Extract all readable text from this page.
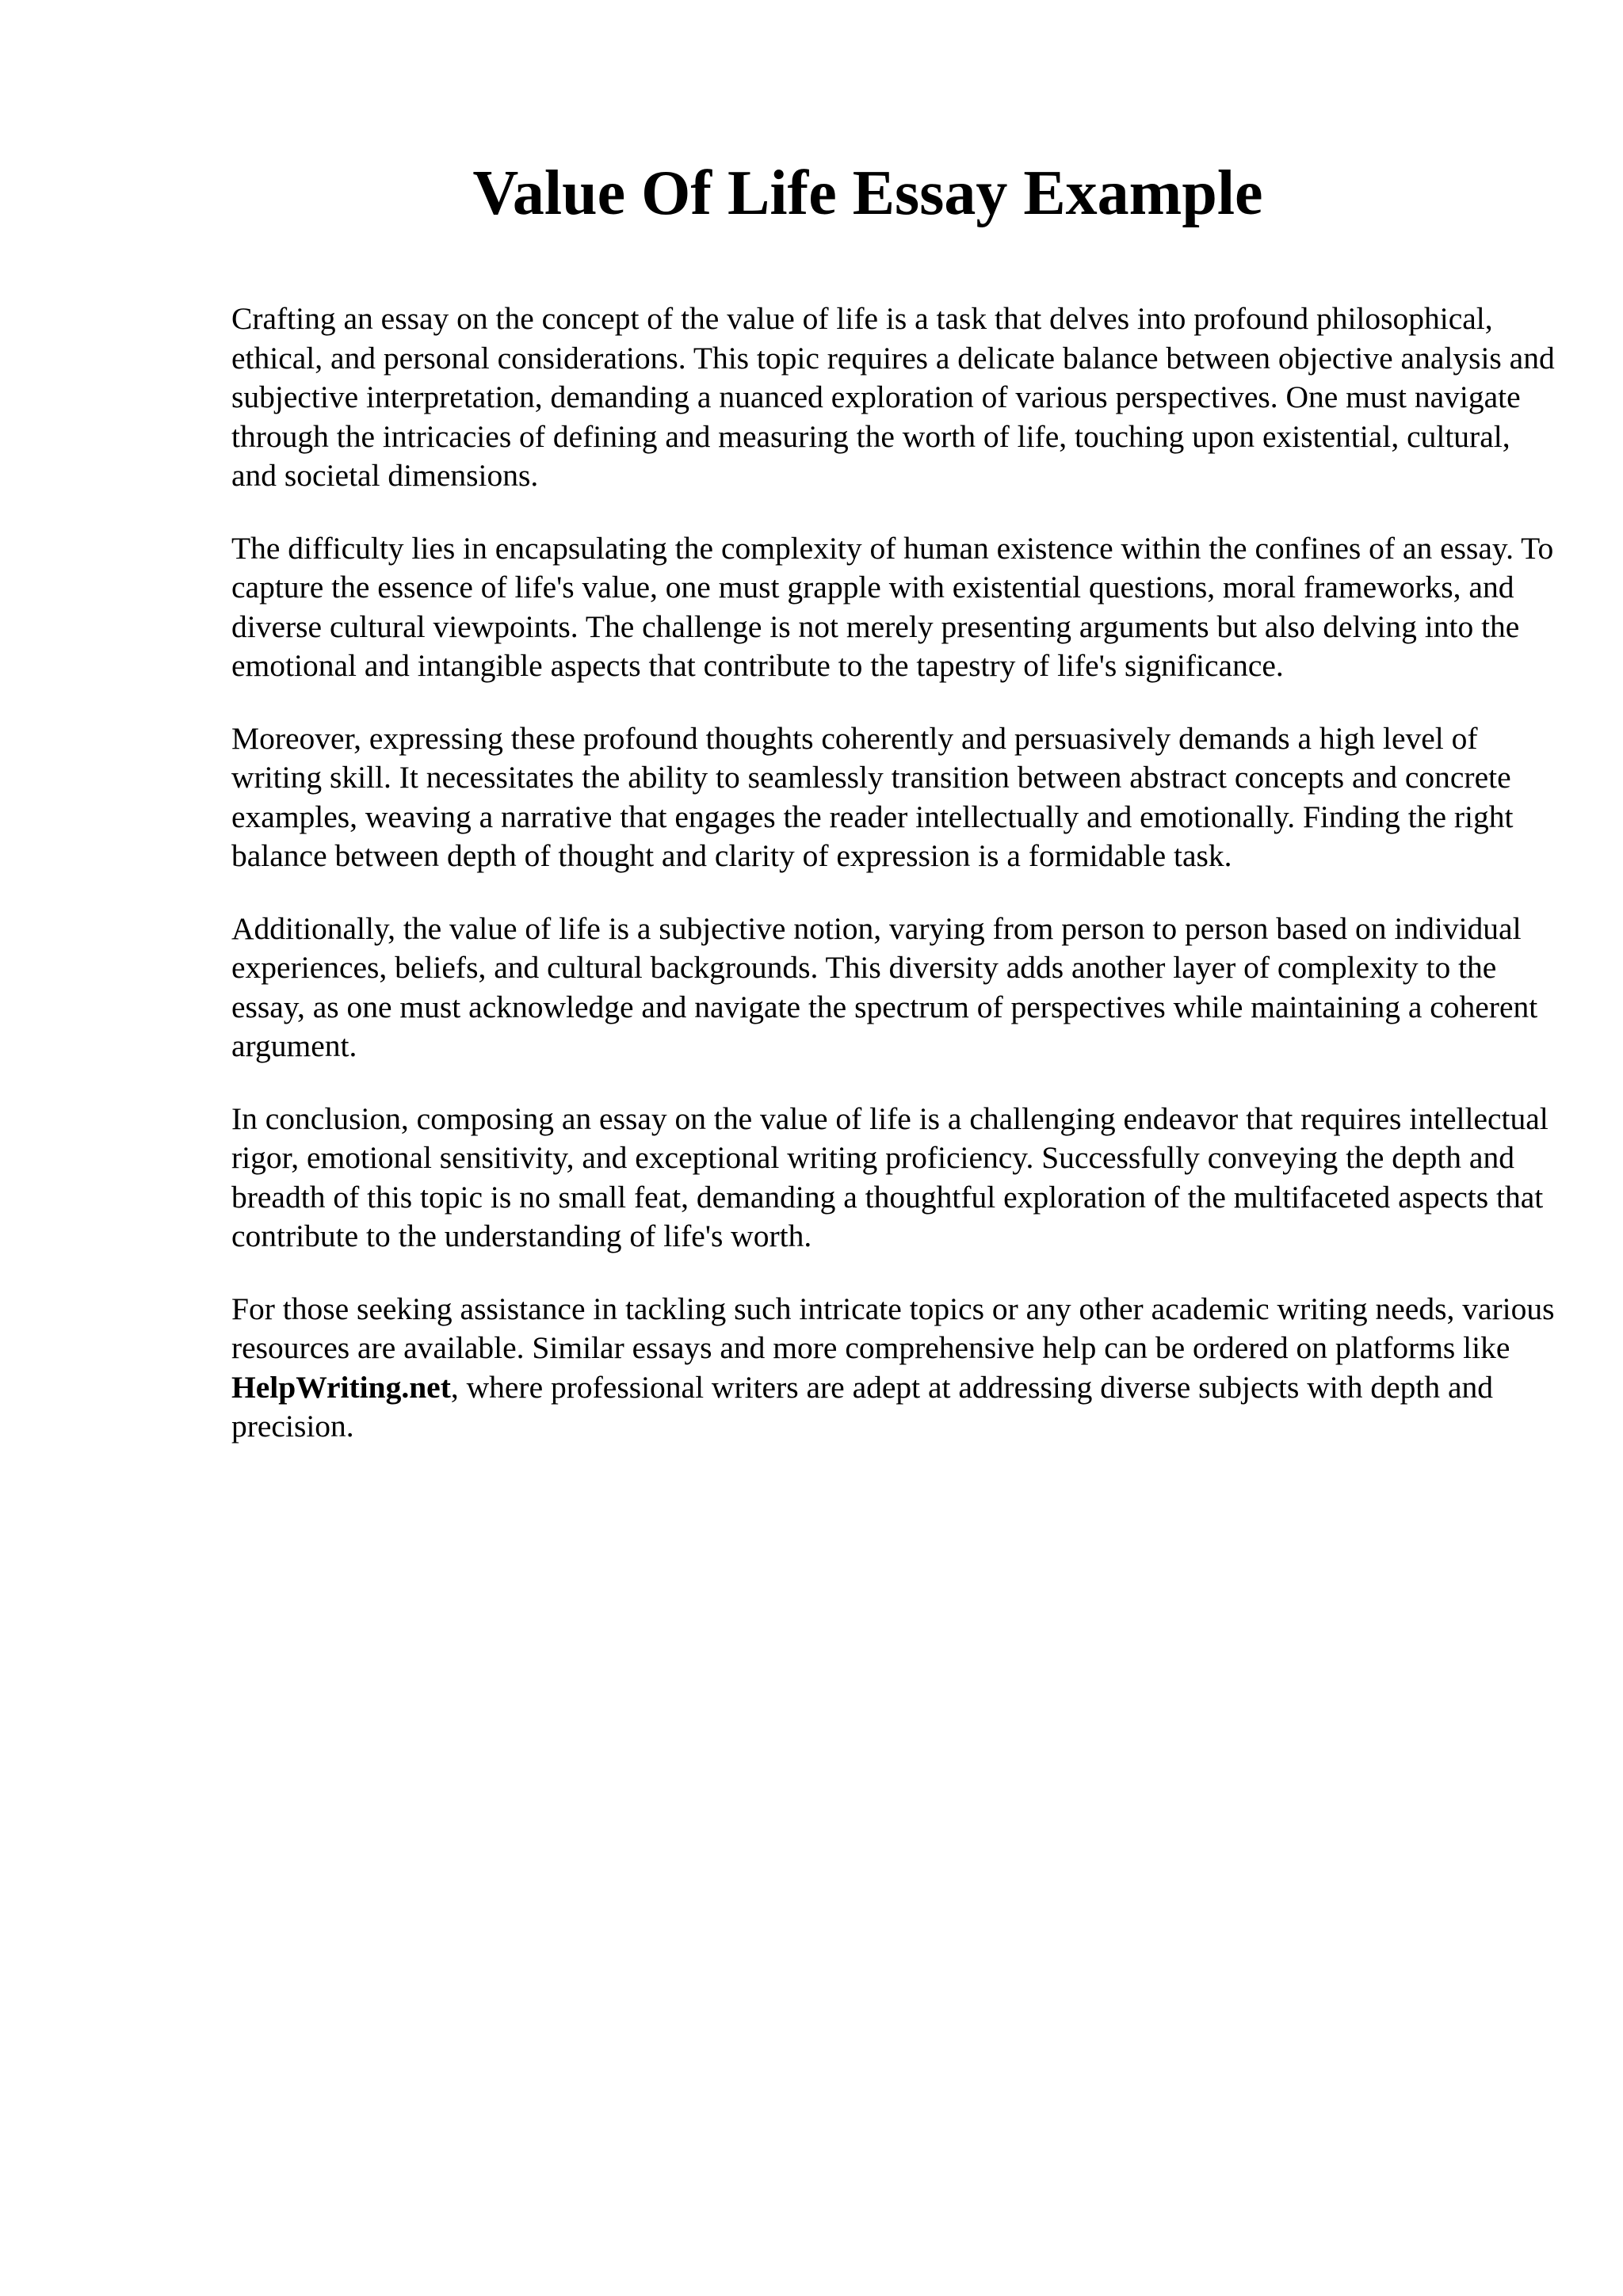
Value Of Life Essay Example

Crafting an essay on the concept of the value of life is a task that delves into profound philosophical, ethical, and personal considerations. This topic requires a delicate balance between objective analysis and subjective interpretation, demanding a nuanced exploration of various perspectives. One must navigate through the intricacies of defining and measuring the worth of life, touching upon existential, cultural, and societal dimensions.

The difficulty lies in encapsulating the complexity of human existence within the confines of an essay. To capture the essence of life's value, one must grapple with existential questions, moral frameworks, and diverse cultural viewpoints. The challenge is not merely presenting arguments but also delving into the emotional and intangible aspects that contribute to the tapestry of life's significance.

Moreover, expressing these profound thoughts coherently and persuasively demands a high level of writing skill. It necessitates the ability to seamlessly transition between abstract concepts and concrete examples, weaving a narrative that engages the reader intellectually and emotionally. Finding the right balance between depth of thought and clarity of expression is a formidable task.

Additionally, the value of life is a subjective notion, varying from person to person based on individual experiences, beliefs, and cultural backgrounds. This diversity adds another layer of complexity to the essay, as one must acknowledge and navigate the spectrum of perspectives while maintaining a coherent argument.

In conclusion, composing an essay on the value of life is a challenging endeavor that requires intellectual rigor, emotional sensitivity, and exceptional writing proficiency. Successfully conveying the depth and breadth of this topic is no small feat, demanding a thoughtful exploration of the multifaceted aspects that contribute to the understanding of life's worth.

For those seeking assistance in tackling such intricate topics or any other academic writing needs, various resources are available. Similar essays and more comprehensive help can be ordered on platforms like HelpWriting.net, where professional writers are adept at addressing diverse subjects with depth and precision.
